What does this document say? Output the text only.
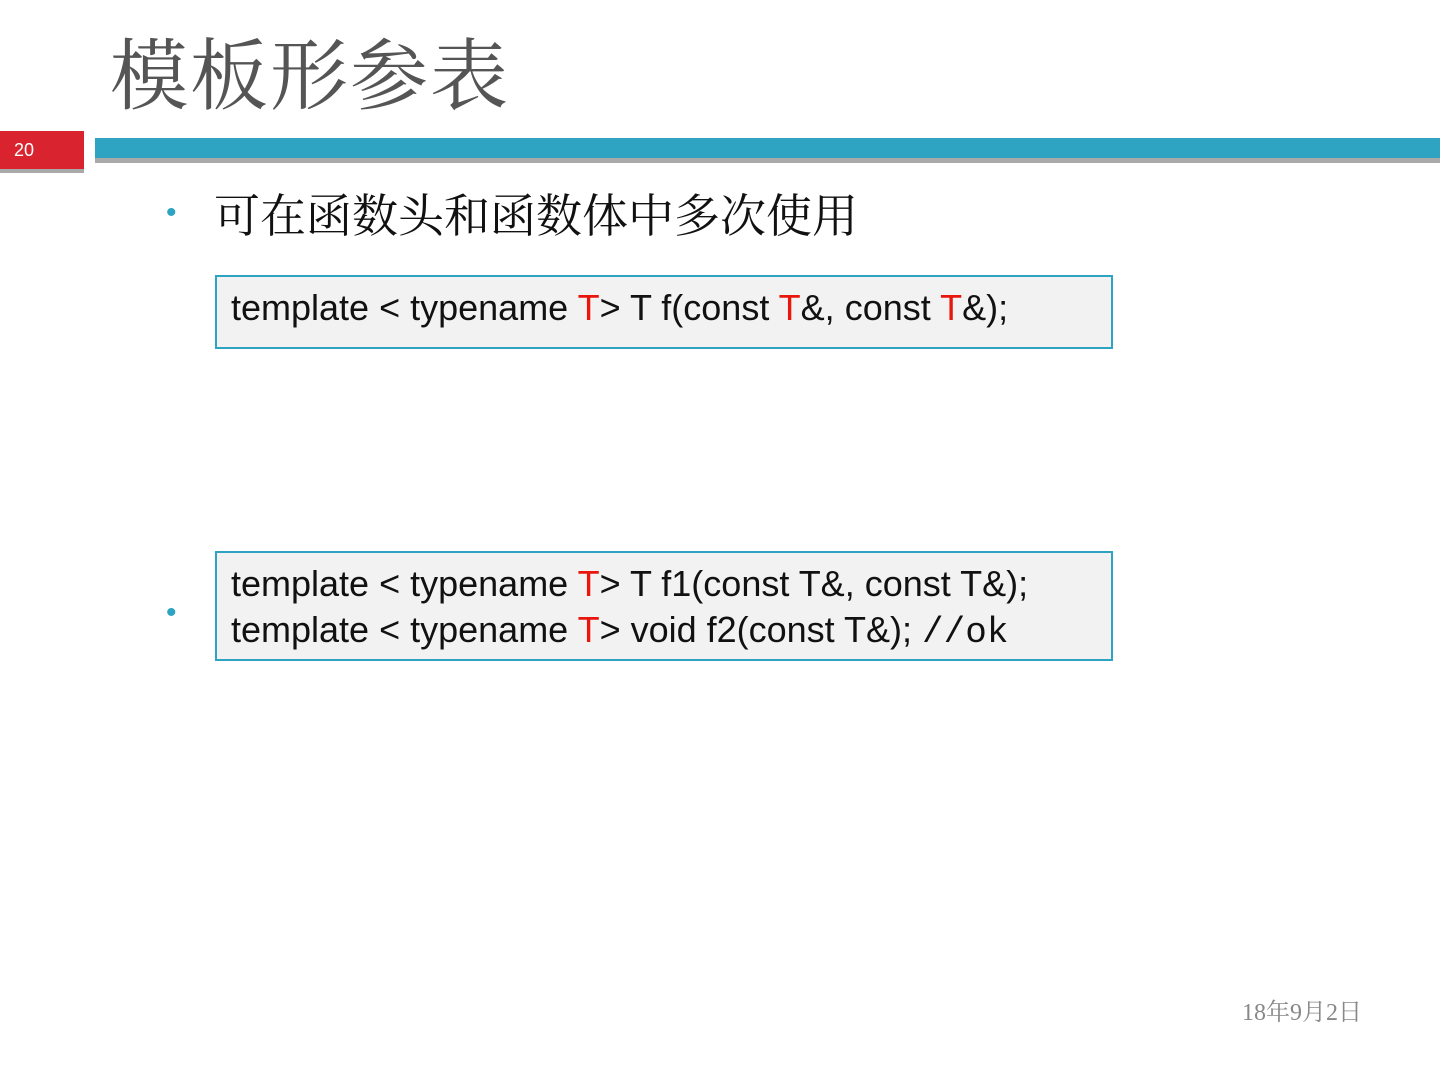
模板形参表
20
• 可在函数头和函数体中多次使用
template < typename T> T f(const T&, const T&);
•
template < typename T> T f1(const T&, const T&);
template < typename T> void f2(const T&); //ok
18年9月2日
